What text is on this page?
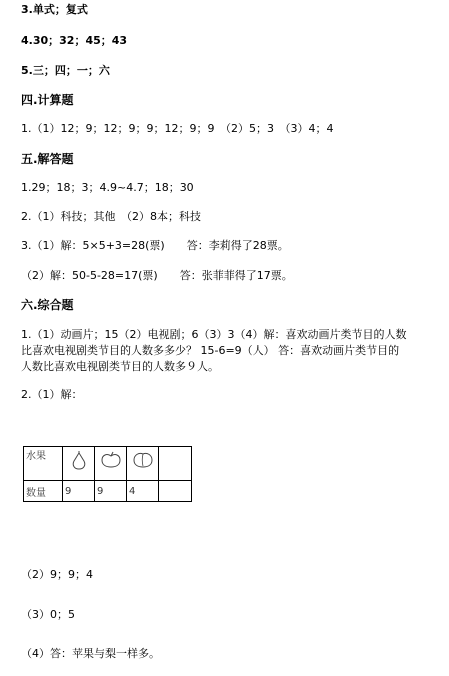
3.单式；复式
4.30；32；45；43
5.三；四；一；六
四.计算题
1.（1）12；9；12；9；9；12；9；9　（2）5；3　（3）4；4
五.解答题
1.29；18；3；4.9~4.7；18；30
2.（1）科技；其他　（2）8本；科技
3.（1）解：5×5+3=28(票)　　答：李莉得了28票。
（2）解：50-5-28=17(票)　　答：张菲菲得了17票。
六.综合题
1.（1）动画片；15（2）电视剧；6（3）3（4）解：喜欢动画片类节目的人数
比喜欢电视剧类节目的人数多多少？ 15-6=9（人） 答：喜欢动画片类节目的
人数比喜欢电视剧类节目的人数多９人。
2.（1）解：
水果	

数量	9	9	4	
（2）9；9；4
（3）0；5
（4）答：苹果与梨一样多。
